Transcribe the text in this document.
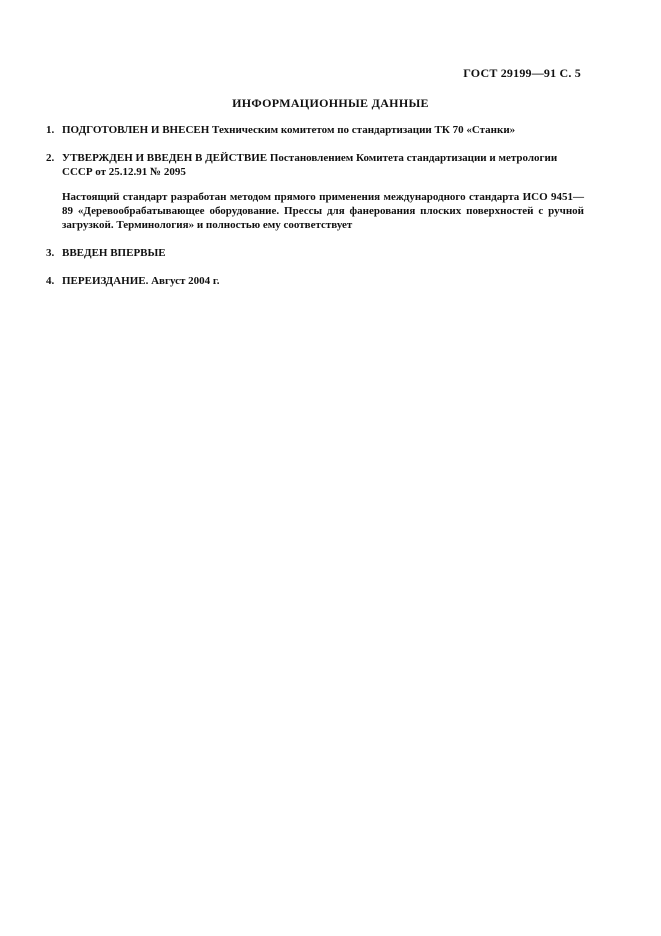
ГОСТ 29199—91 С. 5
ИНФОРМАЦИОННЫЕ ДАННЫЕ
1. ПОДГОТОВЛЕН И ВНЕСЕН Техническим комитетом по стандартизации ТК 70 «Станки»
2. УТВЕРЖДЕН И ВВЕДЕН В ДЕЙСТВИЕ Постановлением Комитета стандартизации и метрологии СССР от 25.12.91 № 2095

Настоящий стандарт разработан методом прямого применения международного стандарта ИСО 9451—89 «Деревообрабатывающее оборудование. Прессы для фанерования плоских поверхностей с ручной загрузкой. Терминология» и полностью ему соответствует

3. ВВЕДЕН ВПЕРВЫЕ
4. ПЕРЕИЗДАНИЕ. Август 2004 г.
